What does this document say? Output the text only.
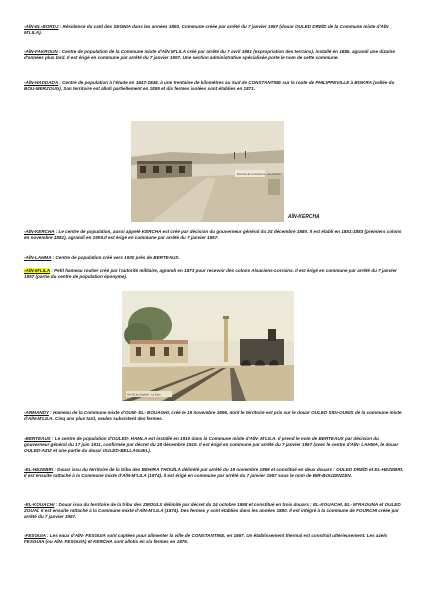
-AÏN-EL-BORDJ : Résidence du caïd des SEGNIA dans les années 1850. Commune créée par arrêté du 7 janvier 1957 (douar OULED DREÏD de la Commune mixte d'AÏN M'LILA).
-AÏN-FAKROUN : Centre de population de la Commune mixte d'AÏN M'LILA créé par arrêté du 7 avril 1881 (expropriation des terrains), installé en 1886, agrandi une dizaine d'années plus tard. Il est érigé en commune par arrêté du 7 janvier 1957. Une section administrative spécialisée porte le nom de cette commune.
-AÏN-HADDADA : Centre de population à l'étude en 1847-1848, à une trentaine de kilomètres au Sud de CONSTANTINE sur la route de PHILIPPEVILLE à BISKRA (vallée du BOU-MERZOUG). San territoire est alloti partiellement en 1859 et dix fermes isolées sont établies en 1871.
Environs de Constantine - Aïn-Kercha
AÏN-KERCHA
-AÏN-KERCHA : Le centre de population, aussi appelé KERCHA est créé par décision du gouverneur général du 24 décembre 1880. Il est établi en 1881-1883 (premiers colons en novembre 1881), agrandi en 1909.Il est érigé en commune par arrêté du 7 janvier 1957.
-AÏN-LAHMA : Centre de population créé vers 1930 près de BERTEAUX.
-AÏN-M'LILA : Petit hameau routier créé par l'autorité militaire, agrandi en 1873 pour recevoir des colons Alsaciens-Lorrains. Il est érigé en commune par arrêté du 7 janvier 1957 (partie du centre de population éponyme).
Aïn-M'Lila (Algérie) - La Gare
-ARMANDY : Hameau de la Commune mixte d'OUM- EL- BOUAGHI, créé le 19 novembre 1895, dont le territoire est pris sur le douar OULED SIDI-OUNIS de la commune mixte d'AÏN-M'LILA. Cinq ans plus tard, seules subsistent des fermes.
-BERTEAUX : Le centre de population d'OULED- HAMLA est installé en 1910 dans la Commune mixte d'AÏN- M'LILA. Il prend le nom de BERTEAUX par décision du gouverneur général du 17 juin 1911, confirmée par décret du 28 décembre 1915. Il est érigé en commune par arrêté du 7 janvier 1957 (avec le centre d'AÏN- LAHMA, le douar OULED-AZIZ et une partie du douar OULED-BELLAGUEL).
-EL-HEZEBRI : Douar issu du territoire de la tribu des BEHIRA THOUÏLA délimité par arrêté du 18 novembre 1868 et constitué en deux douars : OULED DREÏD et EL-HEZEBRI. Il est ensuite rattaché à la Commune mixte d'AÏN-M'LILA (1874). Il est érigé en commune par arrêté du 7 janvier 1957 sous le nom de BIR-BOUZENZEN.
-EL-KOUACHI : Douar issu du territoire de la tribu des ZMOULS délimité par décret du 24 octobre 1868 et constitué en trois douars : EL-KOUACHI, EL- M'RAOUNA et OULED ZOUAÏ. Il est ensuite rattaché à la Commune mixte d'AÏN-M'LILA (1874). Des fermes y sont établies dans les années 1880. Il est intégré à la commune de FOURCHI créée par arrêté du 7 janvier 1957.
-FESGUIA : Les eaux d'AÏN- FESGUIA sont captées pour alimenter la ville de CONSTANTINE, en 1867. Un établissement thermal est construit ultérieurement. Les azels FESGUIA (ou AÏN- FESGUIA) et KERCHA sont allotis en six fermes en 1876.
